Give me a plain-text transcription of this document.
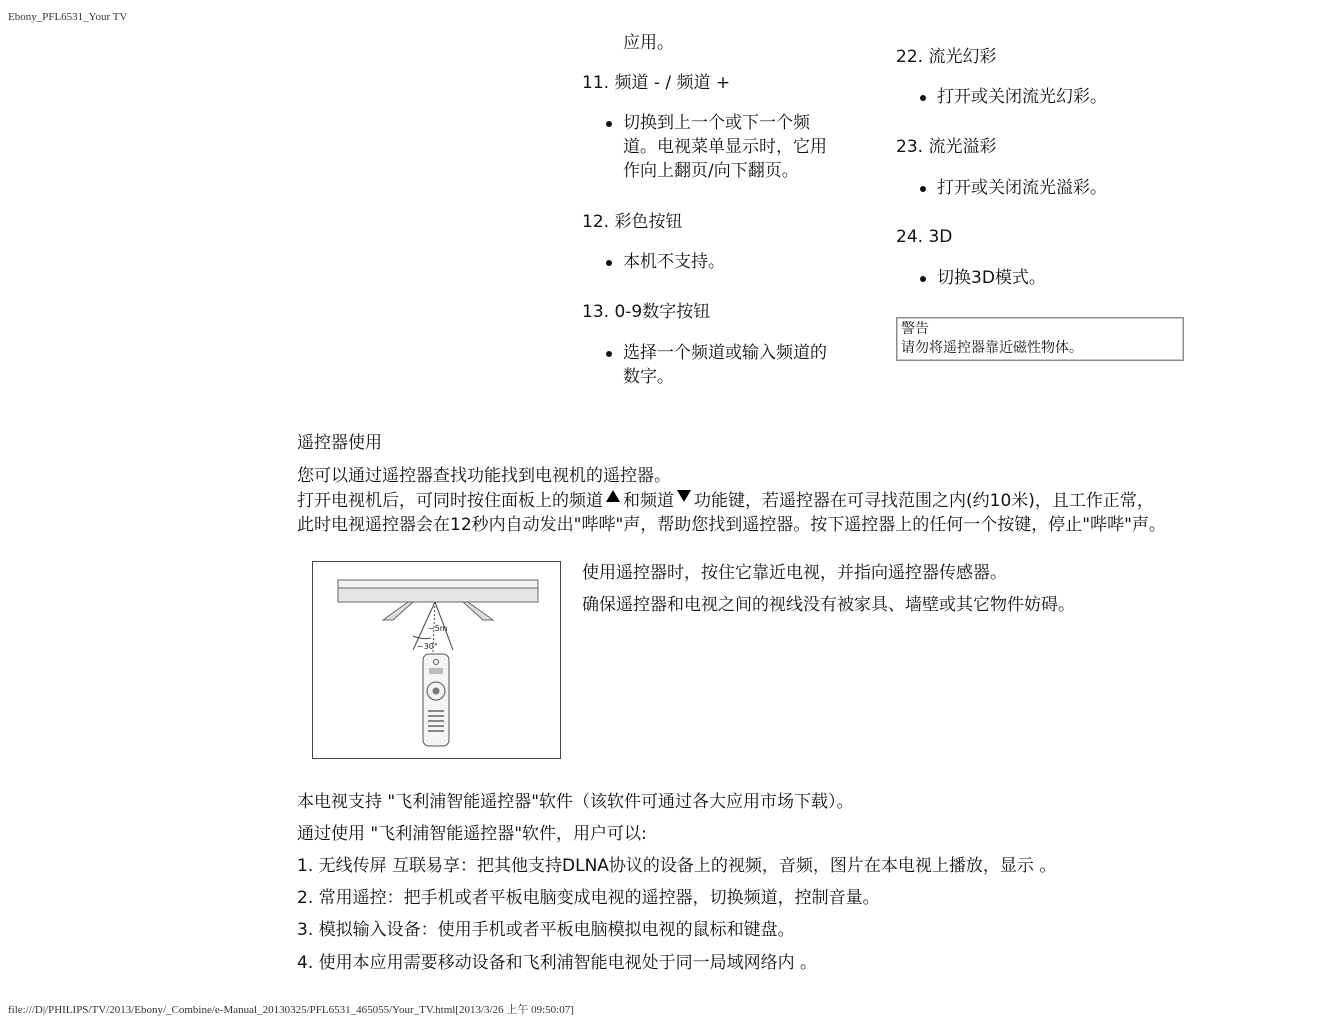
Ebony_PFL6531_Your TV
应用。
11. 频道 - / 频道 +
切换到上一个或下一个频
道。电视菜单显示时，它用
作向上翻页/向下翻页。
12. 彩色按钮
本机不支持。
13. 0-9数字按钮
选择一个频道或输入频道的
数字。
22. 流光幻彩
打开或关闭流光幻彩。
23. 流光溢彩
打开或关闭流光溢彩。
24. 3D
切换3D模式。
警告
请勿将遥控器靠近磁性物体。
遥控器使用
您可以通过遥控器查找功能找到电视机的遥控器。
打开电视机后，可同时按住面板上的频道 和频道 功能键，若遥控器在可寻找范围之内(约10米)，且工作正常，
此时电视遥控器会在12秒内自动发出"哔哔"声，帮助您找到遥控器。按下遥控器上的任何一个按键，停止"哔哔"声。
~5m
~30°
使用遥控器时，按住它靠近电视，并指向遥控器传感器。
确保遥控器和电视之间的视线没有被家具、墙壁或其它物件妨碍。
本电视支持 "飞利浦智能遥控器"软件（该软件可通过各大应用市场下载）。
通过使用 "飞利浦智能遥控器"软件，用户可以:
1. 无线传屏 互联易享：把其他支持DLNA协议的设备上的视频，音频，图片在本电视上播放，显示 。
2. 常用遥控：把手机或者平板电脑变成电视的遥控器，切换频道，控制音量。
3. 模拟输入设备：使用手机或者平板电脑模拟电视的鼠标和键盘。
4. 使用本应用需要移动设备和飞利浦智能电视处于同一局域网络内 。
file:///D|/PHILIPS/TV/2013/Ebony/_Combine/e-Manual_20130325/PFL6531_465055/Your_TV.html[2013/3/26 上午 09:50:07]
